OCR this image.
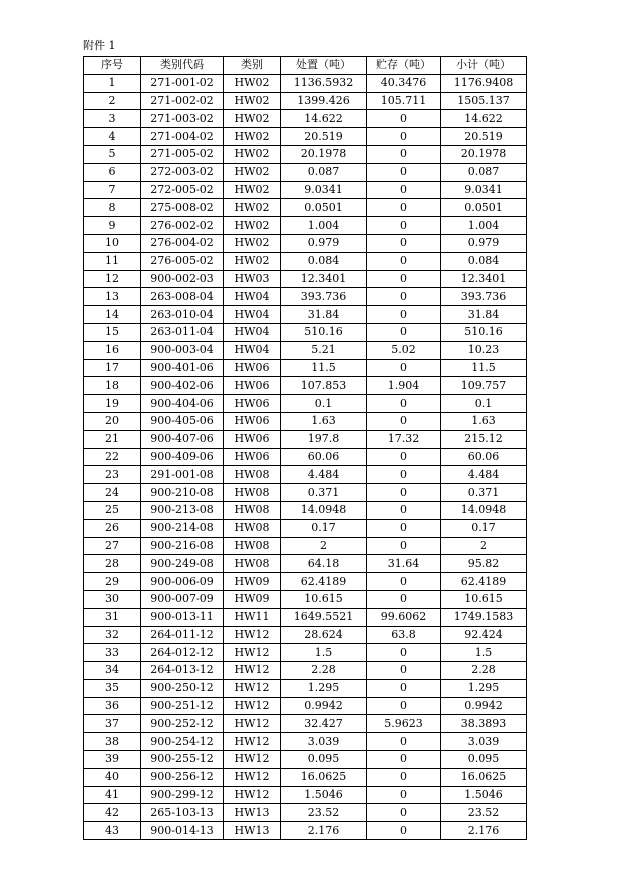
附件 1
序号	类别代码	类别	处置（吨）	贮存（吨）	小计（吨）
1	271-001-02	HW02	1136.5932	40.3476	1176.9408
2	271-002-02	HW02	1399.426	105.711	1505.137
3	271-003-02	HW02	14.622	0	14.622
4	271-004-02	HW02	20.519	0	20.519
5	271-005-02	HW02	20.1978	0	20.1978
6	272-003-02	HW02	0.087	0	0.087
7	272-005-02	HW02	9.0341	0	9.0341
8	275-008-02	HW02	0.0501	0	0.0501
9	276-002-02	HW02	1.004	0	1.004
10	276-004-02	HW02	0.979	0	0.979
11	276-005-02	HW02	0.084	0	0.084
12	900-002-03	HW03	12.3401	0	12.3401
13	263-008-04	HW04	393.736	0	393.736
14	263-010-04	HW04	31.84	0	31.84
15	263-011-04	HW04	510.16	0	510.16
16	900-003-04	HW04	5.21	5.02	10.23
17	900-401-06	HW06	11.5	0	11.5
18	900-402-06	HW06	107.853	1.904	109.757
19	900-404-06	HW06	0.1	0	0.1
20	900-405-06	HW06	1.63	0	1.63
21	900-407-06	HW06	197.8	17.32	215.12
22	900-409-06	HW06	60.06	0	60.06
23	291-001-08	HW08	4.484	0	4.484
24	900-210-08	HW08	0.371	0	0.371
25	900-213-08	HW08	14.0948	0	14.0948
26	900-214-08	HW08	0.17	0	0.17
27	900-216-08	HW08	2	0	2
28	900-249-08	HW08	64.18	31.64	95.82
29	900-006-09	HW09	62.4189	0	62.4189
30	900-007-09	HW09	10.615	0	10.615
31	900-013-11	HW11	1649.5521	99.6062	1749.1583
32	264-011-12	HW12	28.624	63.8	92.424
33	264-012-12	HW12	1.5	0	1.5
34	264-013-12	HW12	2.28	0	2.28
35	900-250-12	HW12	1.295	0	1.295
36	900-251-12	HW12	0.9942	0	0.9942
37	900-252-12	HW12	32.427	5.9623	38.3893
38	900-254-12	HW12	3.039	0	3.039
39	900-255-12	HW12	0.095	0	0.095
40	900-256-12	HW12	16.0625	0	16.0625
41	900-299-12	HW12	1.5046	0	1.5046
42	265-103-13	HW13	23.52	0	23.52
43	900-014-13	HW13	2.176	0	2.176
